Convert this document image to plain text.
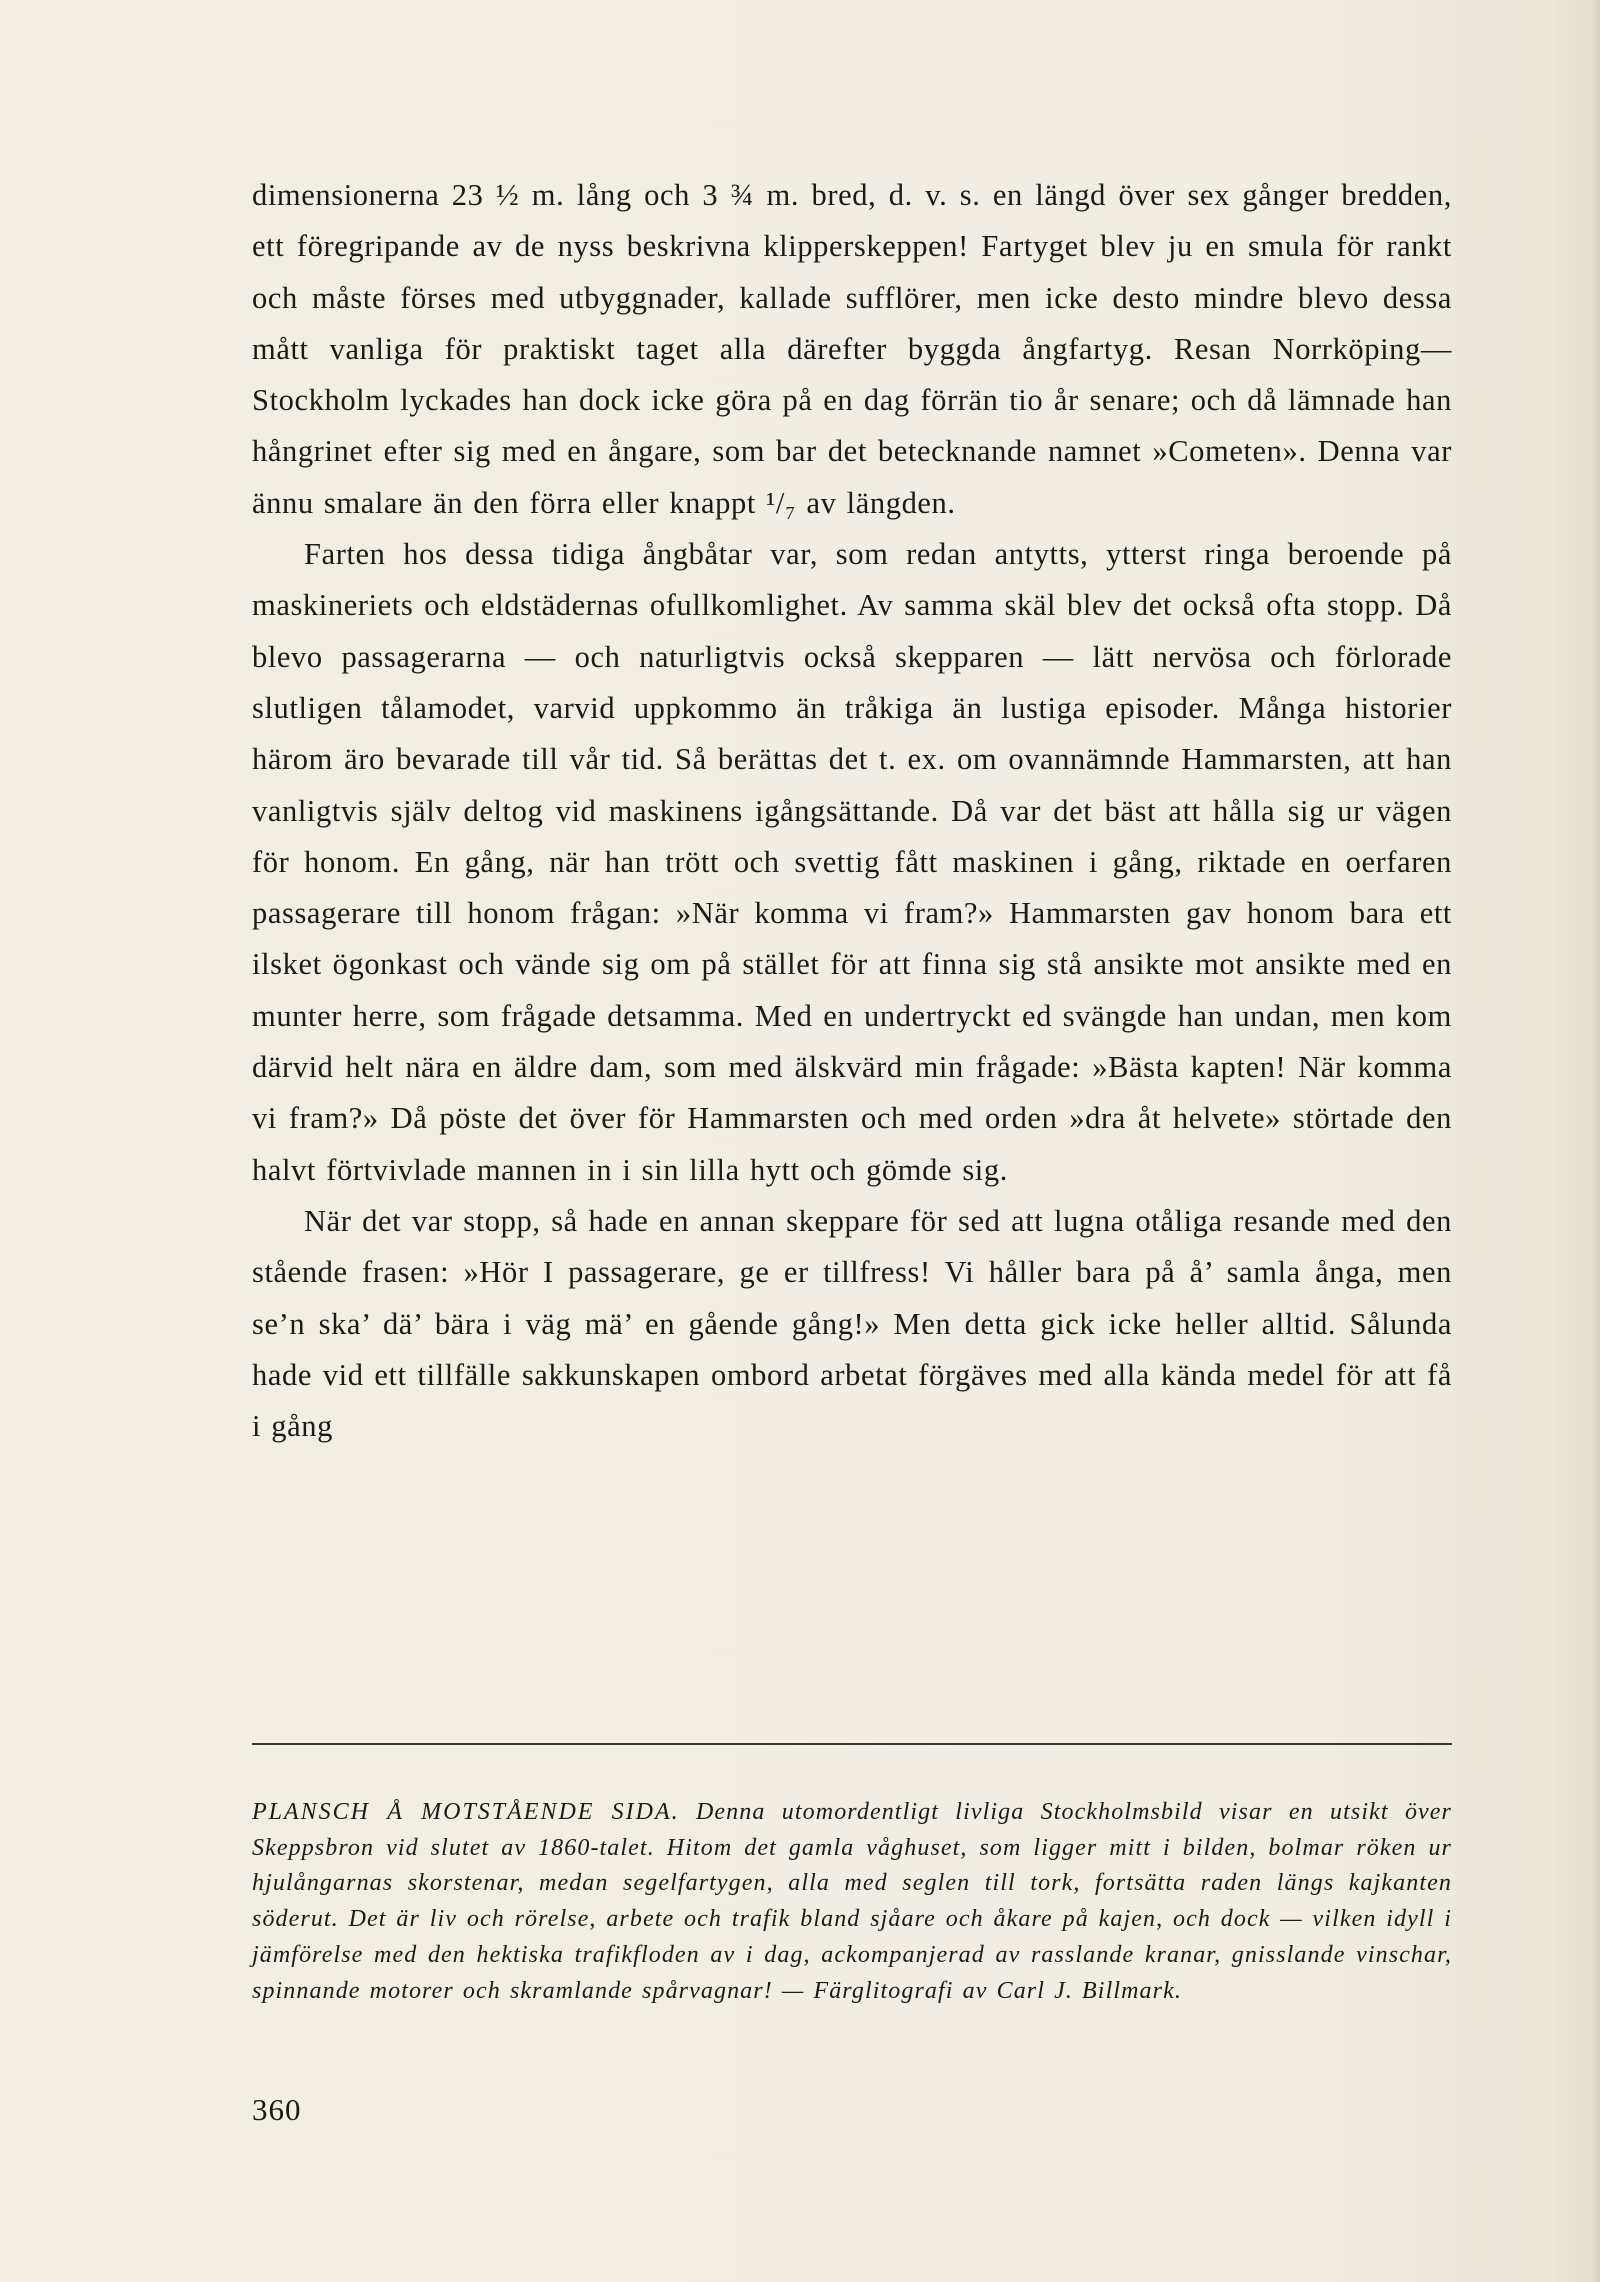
dimensionerna 23 ½ m. lång och 3 ¾ m. bred, d. v. s. en längd över sex gånger bredden, ett föregripande av de nyss beskrivna klipperskeppen! Fartyget blev ju en smula för rankt och måste förses med utbyggnader, kallade sufflörer, men icke desto mindre blevo dessa mått vanliga för praktiskt taget alla därefter byggda ångfartyg. Resan Norrköping—Stockholm lyckades han dock icke göra på en dag förrän tio år senare; och då lämnade han hångrinet efter sig med en ångare, som bar det betecknande namnet »Cometen». Denna var ännu smalare än den förra eller knappt ¹/₇ av längden.

Farten hos dessa tidiga ångbåtar var, som redan antytts, ytterst ringa beroende på maskineriets och eldstädernas ofullkomlighet. Av samma skäl blev det också ofta stopp. Då blevo passagerarna — och naturligtvis också skepparen — lätt nervösa och förlorade slutligen tålamodet, varvid uppkommo än tråkiga än lustiga episoder. Många historier härom äro bevarade till vår tid. Så berättas det t. ex. om ovannämnde Hammarsten, att han vanligtvis själv deltog vid maskinens igångsättande. Då var det bäst att hålla sig ur vägen för honom. En gång, när han trött och svettig fått maskinen i gång, riktade en oerfaren passagerare till honom frågan: »När komma vi fram?» Hammarsten gav honom bara ett ilsket ögonkast och vände sig om på stället för att finna sig stå ansikte mot ansikte med en munter herre, som frågade detsamma. Med en undertryckt ed svängde han undan, men kom därvid helt nära en äldre dam, som med älskvärd min frågade: »Bästa kapten! När komma vi fram?» Då pöste det över för Hammarsten och med orden »dra åt helvete» störtade den halvt förtvivlade mannen in i sin lilla hytt och gömde sig.

När det var stopp, så hade en annan skeppare för sed att lugna otåliga resande med den stående frasen: »Hör I passagerare, ge er tillfress! Vi håller bara på å’ samla ånga, men se’n ska’ dä’ bära i väg mä’ en gående gång!» Men detta gick icke heller alltid. Sålunda hade vid ett tillfälle sakkunskapen ombord arbetat förgäves med alla kända medel för att få i gång

PLANSCH Å MOTSTÅENDE SIDA. Denna utomordentligt livliga Stockholmsbild visar en utsikt över Skeppsbron vid slutet av 1860-talet. Hitom det gamla våghuset, som ligger mitt i bilden, bolmar röken ur hjulångarnas skorstenar, medan segelfartygen, alla med seglen till tork, fortsätta raden längs kajkanten söderut. Det är liv och rörelse, arbete och trafik bland sjåare och åkare på kajen, och dock — vilken idyll i jämförelse med den hektiska trafikfloden av i dag, ackompanjerad av rasslande kranar, gnisslande vinschar, spinnande motorer och skramlande spårvagnar! — Färglitografi av Carl J. Billmark.
360
